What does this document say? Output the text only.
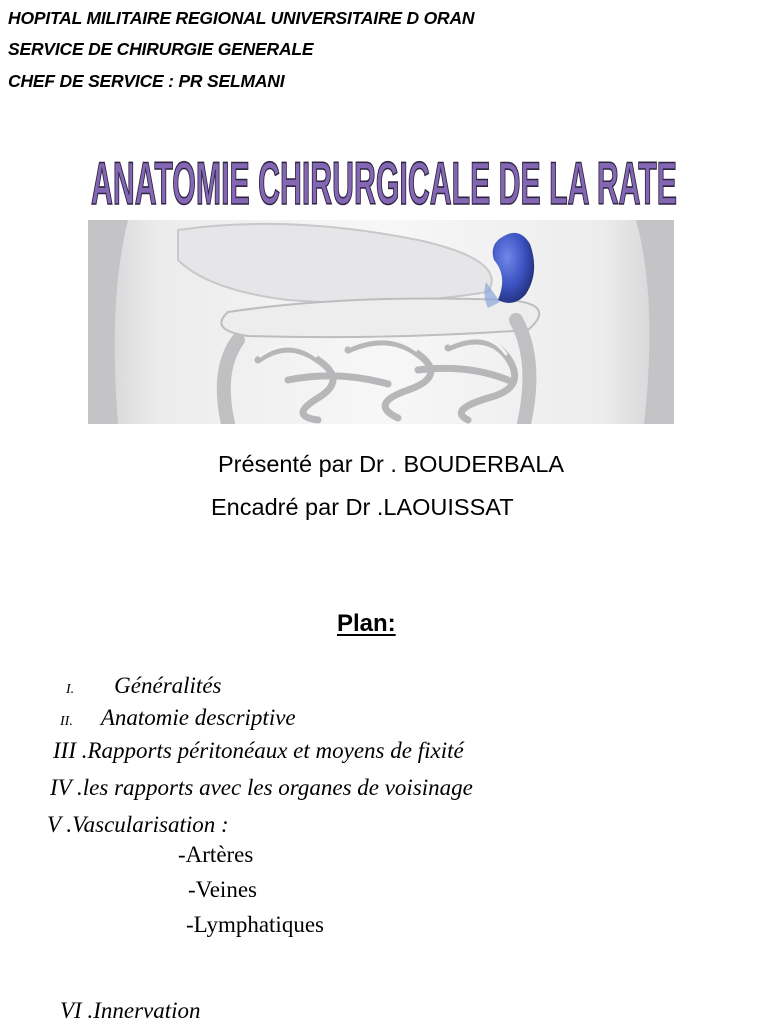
HOPITAL MILITAIRE REGIONAL UNIVERSITAIRE D ORAN
SERVICE DE CHIRURGIE GENERALE
CHEF DE SERVICE : PR SELMANI
ANATOMIE CHIRURGICALE DE LA RATE
Présenté par Dr . BOUDERBALA
Encadré par Dr .LAOUISSAT
Plan:
I. Généralités
II. Anatomie descriptive
III .Rapports péritonéaux et moyens de fixité
IV .les rapports avec les organes de voisinage
V .Vascularisation :
-Artères
-Veines
-Lymphatiques
VI .Innervation
